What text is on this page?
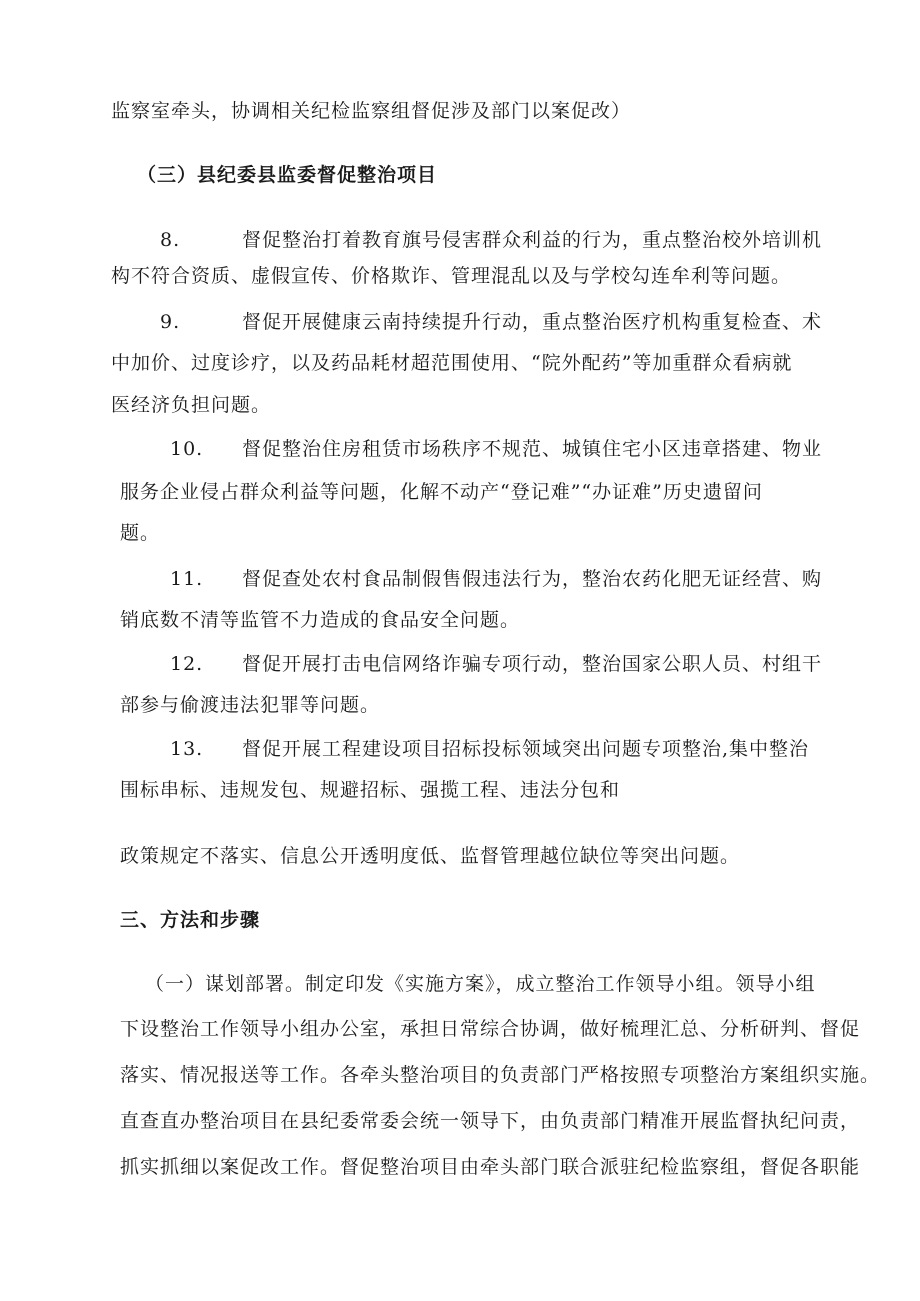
监察室牵头，协调相关纪检监察组督促涉及部门以案促改）
（三）县纪委县监委督促整治项目
8.	督促整治打着教育旗号侵害群众利益的行为，重点整治校外培训机
构不符合资质、虚假宣传、价格欺诈、管理混乱以及与学校勾连牟利等问题。
9.	督促开展健康云南持续提升行动，重点整治医疗机构重复检查、术
中加价、过度诊疗，以及药品耗材超范围使用、“院外配药”等加重群众看病就
医经济负担问题。
10. 督促整治住房租赁市场秩序不规范、城镇住宅小区违章搭建、物业
服务企业侵占群众利益等问题，化解不动产“登记难”“办证难”历史遗留问
题。
11. 督促查处农村食品制假售假违法行为，整治农药化肥无证经营、购
销底数不清等监管不力造成的食品安全问题。
12. 督促开展打击电信网络诈骗专项行动，整治国家公职人员、村组干
部参与偷渡违法犯罪等问题。
13. 督促开展工程建设项目招标投标领域突出问题专项整治,集中整治
围标串标、违规发包、规避招标、强揽工程、违法分包和
政策规定不落实、信息公开透明度低、监督管理越位缺位等突出问题。
三、方法和步骤
（一）谋划部署。制定印发《实施方案》，成立整治工作领导小组。领导小组
下设整治工作领导小组办公室，承担日常综合协调，做好梳理汇总、分析研判、督促
落实、情况报送等工作。各牵头整治项目的负责部门严格按照专项整治方案组织实施。
直查直办整治项目在县纪委常委会统一领导下，由负责部门精准开展监督执纪问责，
抓实抓细以案促改工作。督促整治项目由牵头部门联合派驻纪检监察组，督促各职能
